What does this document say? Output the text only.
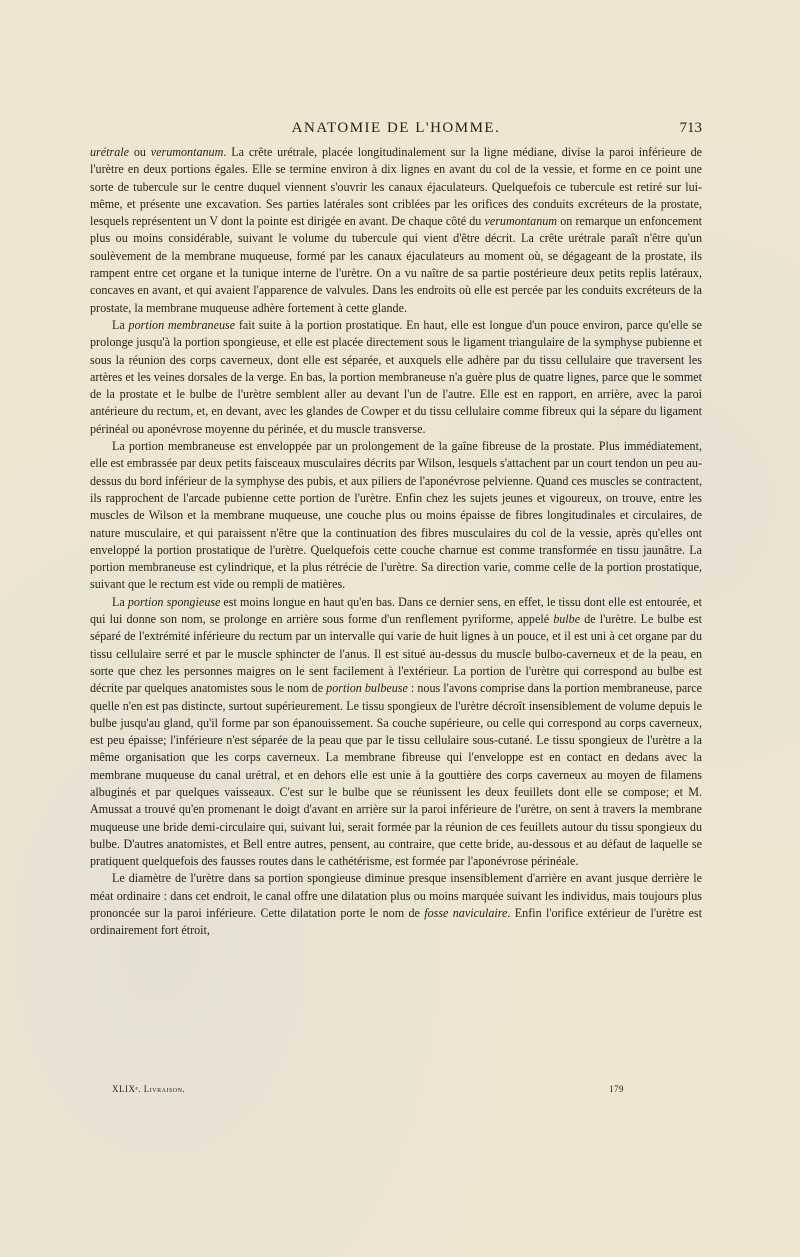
ANATOMIE DE L'HOMME.	713

urétrale ou verumontanum. La crête urétrale, placée longitudinalement sur la ligne médiane, divise la paroi inférieure de l'urètre en deux portions égales. Elle se termine environ à dix lignes en avant du col de la vessie, et forme en ce point une sorte de tubercule sur le centre duquel viennent s'ouvrir les canaux éjaculateurs. Quelquefois ce tubercule est retiré sur lui-même, et présente une excavation. Ses parties latérales sont criblées par les orifices des conduits excréteurs de la prostate, lesquels représentent un V dont la pointe est dirigée en avant. De chaque côté du verumontanum on remarque un enfoncement plus ou moins considérable, suivant le volume du tubercule qui vient d'être décrit. La crête urétrale paraît n'être qu'un soulèvement de la membrane muqueuse, formé par les canaux éjaculateurs au moment où, se dégageant de la prostate, ils rampent entre cet organe et la tunique interne de l'urètre. On a vu naître de sa partie postérieure deux petits replis latéraux, concaves en avant, et qui avaient l'apparence de valvules. Dans les endroits où elle est percée par les conduits excréteurs de la prostate, la membrane muqueuse adhère fortement à cette glande.

La portion membraneuse fait suite à la portion prostatique. En haut, elle est longue d'un pouce environ, parce qu'elle se prolonge jusqu'à la portion spongieuse, et elle est placée directement sous le ligament triangulaire de la symphyse pubienne et sous la réunion des corps caverneux, dont elle est séparée, et auxquels elle adhère par du tissu cellulaire que traversent les artères et les veines dorsales de la verge. En bas, la portion membraneuse n'a guère plus de quatre lignes, parce que le sommet de la prostate et le bulbe de l'urètre semblent aller au devant l'un de l'autre. Elle est en rapport, en arrière, avec la paroi antérieure du rectum, et, en devant, avec les glandes de Cowper et du tissu cellulaire comme fibreux qui la sépare du ligament périnéal ou aponévrose moyenne du périnée, et du muscle transverse.

La portion membraneuse est enveloppée par un prolongement de la gaîne fibreuse de la prostate. Plus immédiatement, elle est embrassée par deux petits faisceaux musculaires décrits par Wilson, lesquels s'attachent par un court tendon un peu au-dessus du bord inférieur de la symphyse des pubis, et aux piliers de l'aponévrose pelvienne. Quand ces muscles se contractent, ils rapprochent de l'arcade pubienne cette portion de l'urètre. Enfin chez les sujets jeunes et vigoureux, on trouve, entre les muscles de Wilson et la membrane muqueuse, une couche plus ou moins épaisse de fibres longitudinales et circulaires, de nature musculaire, et qui paraissent n'être que la continuation des fibres musculaires du col de la vessie, après qu'elles ont enveloppé la portion prostatique de l'urètre. Quelquefois cette couche charnue est comme transformée en tissu jaunâtre. La portion membraneuse est cylindrique, et la plus rétrécie de l'urètre. Sa direction varie, comme celle de la portion prostatique, suivant que le rectum est vide ou rempli de matières.

La portion spongieuse est moins longue en haut qu'en bas. Dans ce dernier sens, en effet, le tissu dont elle est entourée, et qui lui donne son nom, se prolonge en arrière sous forme d'un renflement pyriforme, appelé bulbe de l'urètre. Le bulbe est séparé de l'extrémité inférieure du rectum par un intervalle qui varie de huit lignes à un pouce, et il est uni à cet organe par du tissu cellulaire serré et par le muscle sphincter de l'anus. Il est situé au-dessus du muscle bulbo-caverneux et de la peau, en sorte que chez les personnes maigres on le sent facilement à l'extérieur. La portion de l'urètre qui correspond au bulbe est décrite par quelques anatomistes sous le nom de portion bulbeuse : nous l'avons comprise dans la portion membraneuse, parce quelle n'en est pas distincte, surtout supérieurement. Le tissu spongieux de l'urètre décroît insensiblement de volume depuis le bulbe jusqu'au gland, qu'il forme par son épanouissement. Sa couche supérieure, ou celle qui correspond au corps caverneux, est peu épaisse; l'inférieure n'est séparée de la peau que par le tissu cellulaire sous-cutané. Le tissu spongieux de l'urètre a la même organisation que les corps caverneux. La membrane fibreuse qui l'enveloppe est en contact en dedans avec la membrane muqueuse du canal urétral, et en dehors elle est unie à la gouttière des corps caverneux au moyen de filamens albuginés et par quelques vaisseaux. C'est sur le bulbe que se réunissent les deux feuillets dont elle se compose; et M. Amussat a trouvé qu'en promenant le doigt d'avant en arrière sur la paroi inférieure de l'urètre, on sent à travers la membrane muqueuse une bride demi-circulaire qui, suivant lui, serait formée par la réunion de ces feuillets autour du tissu spongieux du bulbe. D'autres anatomistes, et Bell entre autres, pensent, au contraire, que cette bride, au-dessous et au défaut de laquelle se pratiquent quelquefois des fausses routes dans le cathétérisme, est formée par l'aponévrose périnéale.

Le diamètre de l'urètre dans sa portion spongieuse diminue presque insensiblement d'arrière en avant jusque derrière le méat ordinaire : dans cet endroit, le canal offre une dilatation plus ou moins marquée suivant les individus, mais toujours plus prononcée sur la paroi inférieure. Cette dilatation porte le nom de fosse naviculaire. Enfin l'orifice extérieur de l'urètre est ordinairement fort étroit,

XLIXᵉ. Livraison.	179
